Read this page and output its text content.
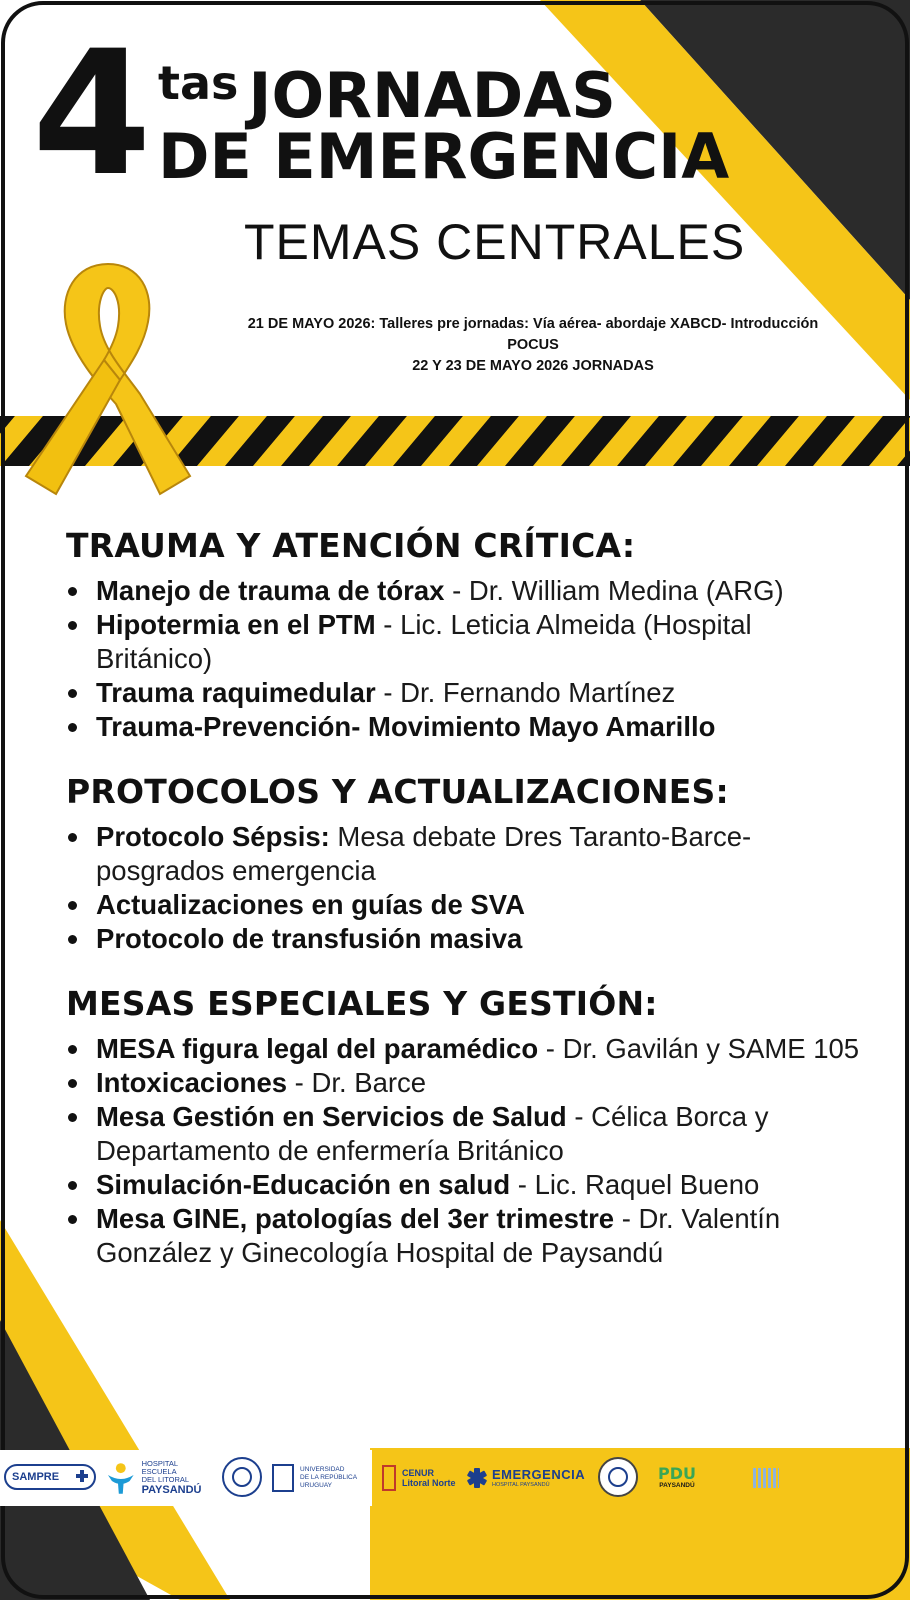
4 tas JORNADAS
DE EMERGENCIA
TEMAS CENTRALES
21 DE MAYO 2026: Talleres pre jornadas: Vía aérea- abordaje XABCD- Introducción
POCUS
22 Y 23 DE MAYO 2026 JORNADAS
TRAUMA Y ATENCIÓN CRÍTICA:
Manejo de trauma de tórax - Dr. William Medina (ARG)
Hipotermia en el PTM - Lic. Leticia Almeida (Hospital Británico)
Trauma raquimedular - Dr. Fernando Martínez
Trauma-Prevención- Movimiento Mayo Amarillo
PROTOCOLOS Y ACTUALIZACIONES:
Protocolo Sépsis: Mesa debate Dres Taranto-Barce- posgrados emergencia
Actualizaciones en guías de SVA
Protocolo de transfusión masiva
MESAS ESPECIALES Y GESTIÓN:
MESA figura legal del paramédico - Dr. Gavilán y SAME 105
Intoxicaciones - Dr. Barce
Mesa Gestión en Servicios de Salud - Célica Borca y Departamento de enfermería Británico
Simulación-Educación en salud - Lic. Raquel Bueno
Mesa GINE, patologías del 3er trimestre - Dr. Valentín González y Ginecología Hospital de Paysandú
SAMPRE
HOSPITAL ESCUELA
DEL LITORAL
PAYSANDÚ
UNIVERSIDAD
DE LA REPÚBLICA
URUGUAY
CENUR
Litoral Norte
EMERGENCIA
HOSPITAL PAYSANDÚ
PDU
PAYSANDÚ
